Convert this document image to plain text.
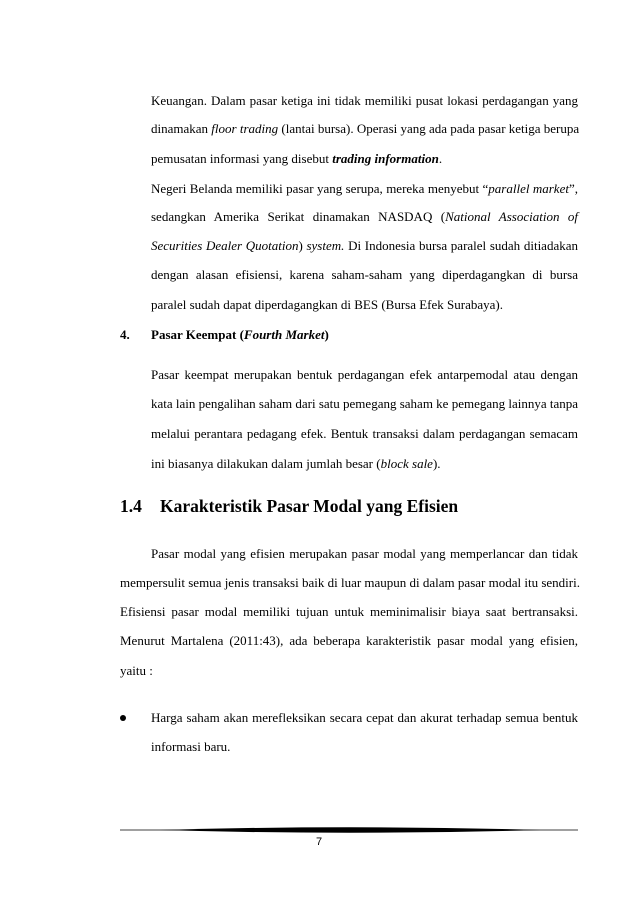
Keuangan. Dalam pasar ketiga ini tidak memiliki pusat lokasi perdagangan yang
dinamakan floor trading (lantai bursa). Operasi yang ada pada pasar ketiga berupa
pemusatan informasi yang disebut trading information.
Negeri Belanda memiliki pasar yang serupa, mereka menyebut “parallel market”,
sedangkan Amerika Serikat dinamakan NASDAQ (National Association of
Securities Dealer Quotation) system. Di Indonesia bursa paralel sudah ditiadakan
dengan alasan efisiensi, karena saham-saham yang diperdagangkan di bursa
paralel sudah dapat diperdagangkan di BES (Bursa Efek Surabaya).
4. Pasar Keempat (Fourth Market)
Pasar keempat merupakan bentuk perdagangan efek antarpemodal atau dengan
kata lain pengalihan saham dari satu pemegang saham ke pemegang lainnya tanpa
melalui perantara pedagang efek. Bentuk transaksi dalam perdagangan semacam
ini biasanya dilakukan dalam jumlah besar (block sale).
1.4 Karakteristik Pasar Modal yang Efisien
Pasar modal yang efisien merupakan pasar modal yang memperlancar dan tidak
mempersulit semua jenis transaksi baik di luar maupun di dalam pasar modal itu sendiri.
Efisiensi pasar modal memiliki tujuan untuk meminimalisir biaya saat bertransaksi.
Menurut Martalena (2011:43), ada beberapa karakteristik pasar modal yang efisien,
yaitu :
Harga saham akan merefleksikan secara cepat dan akurat terhadap semua bentuk
informasi baru.
7
